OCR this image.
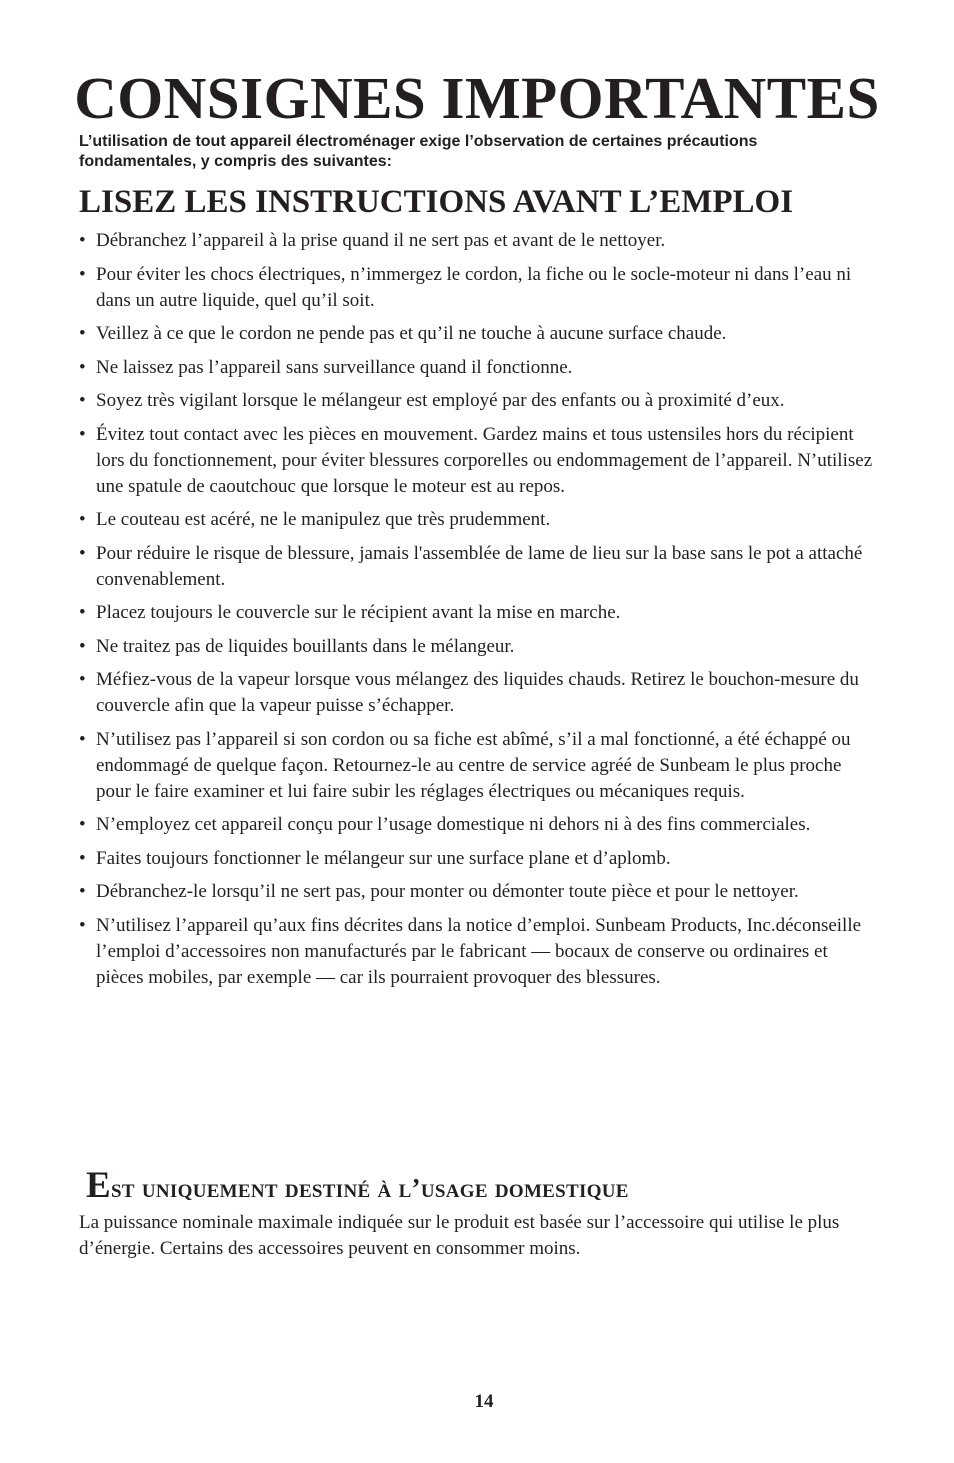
CONSIGNES IMPORTANTES

L’utilisation de tout appareil électroménager exige l’observation de certaines précautions fondamentales, y compris des suivantes:

LISEZ LES INSTRUCTIONS AVANT L’EMPLOI
• Débranchez l’appareil à la prise quand il ne sert pas et avant de le nettoyer.
• Pour éviter les chocs électriques, n’immergez le cordon, la fiche ou le socle-moteur ni dans l’eau ni dans un autre liquide, quel qu’il soit.
• Veillez à ce que le cordon ne pende pas et qu’il ne touche à aucune surface chaude.
• Ne laissez pas l’appareil sans surveillance quand il fonctionne.
• Soyez très vigilant lorsque le mélangeur est employé par des enfants ou à proximité d’eux.
• Évitez tout contact avec les pièces en mouvement. Gardez mains et tous ustensiles hors du récipient lors du fonctionnement, pour éviter blessures corporelles ou endommagement de l’appareil. N’utilisez une spatule de caoutchouc que lorsque le moteur est au repos.
• Le couteau est acéré, ne le manipulez que très prudemment.
• Pour réduire le risque de blessure, jamais l'assemblée de lame de lieu sur la base sans le pot a attaché convenablement.
• Placez toujours le couvercle sur le récipient avant la mise en marche.
• Ne traitez pas de liquides bouillants dans le mélangeur.
• Méfiez-vous de la vapeur lorsque vous mélangez des liquides chauds. Retirez le bouchon-mesure du couvercle afin que la vapeur puisse s’échapper.
• N’utilisez pas l’appareil si son cordon ou sa fiche est abîmé, s’il a mal fonctionné, a été échappé ou endommagé de quelque façon. Retournez-le au centre de service agréé de Sunbeam le plus proche pour le faire examiner et lui faire subir les réglages électriques ou mécaniques requis.
• N’employez cet appareil conçu pour l’usage domestique ni dehors ni à des fins commerciales.
• Faites toujours fonctionner le mélangeur sur une surface plane et d’aplomb.
• Débranchez-le lorsqu’il ne sert pas, pour monter ou démonter toute pièce et pour le nettoyer.
• N’utilisez l’appareil qu’aux fins décrites dans la notice d’emploi. Sunbeam Products, Inc.déconseille l’emploi d’accessoires non manufacturés par le fabricant — bocaux de conserve ou ordinaires et pièces mobiles, par exemple — car ils pourraient provoquer des blessures.
Est uniquement destiné à l’usage domestique

La puissance nominale maximale indiquée sur le produit est basée sur l’accessoire qui utilise le plus d’énergie. Certains des accessoires peuvent en consommer moins.

14
